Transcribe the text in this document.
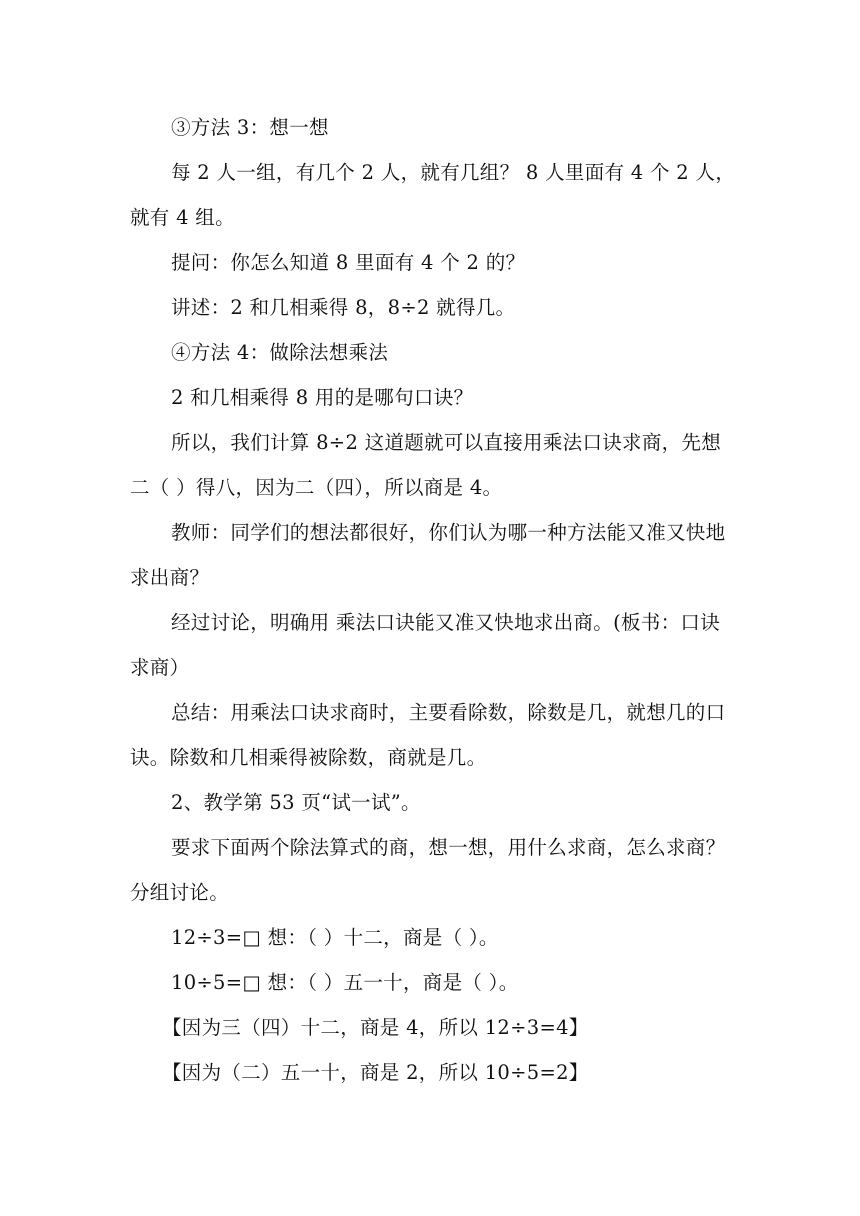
③方法 3：想一想
每 2 人一组，有几个 2 人，就有几组？ 8 人里面有 4 个 2 人，
就有 4 组。
提问：你怎么知道 8 里面有 4 个 2 的？
讲述：2 和几相乘得 8，8÷2 就得几。
④方法 4：做除法想乘法
2 和几相乘得 8 用的是哪句口诀？
所以，我们计算 8÷2 这道题就可以直接用乘法口诀求商，先想
二（ ）得八，因为二（四），所以商是 4。
教师：同学们的想法都很好，你们认为哪一种方法能又准又快地
求出商？
经过讨论，明确用 乘法口诀能又准又快地求出商。(板书：口诀
求商）
总结：用乘法口诀求商时，主要看除数，除数是几，就想几的口
诀。除数和几相乘得被除数，商就是几。
2、教学第 53 页“试一试”。
要求下面两个除法算式的商，想一想，用什么求商，怎么求商？
分组讨论。
12÷3=□ 想：（ ）十二，商是（ ）。
10÷5=□ 想：（ ）五一十，商是（ ）。
【因为三（四）十二，商是 4，所以 12÷3=4】
【因为（二）五一十，商是 2，所以 10÷5=2】
